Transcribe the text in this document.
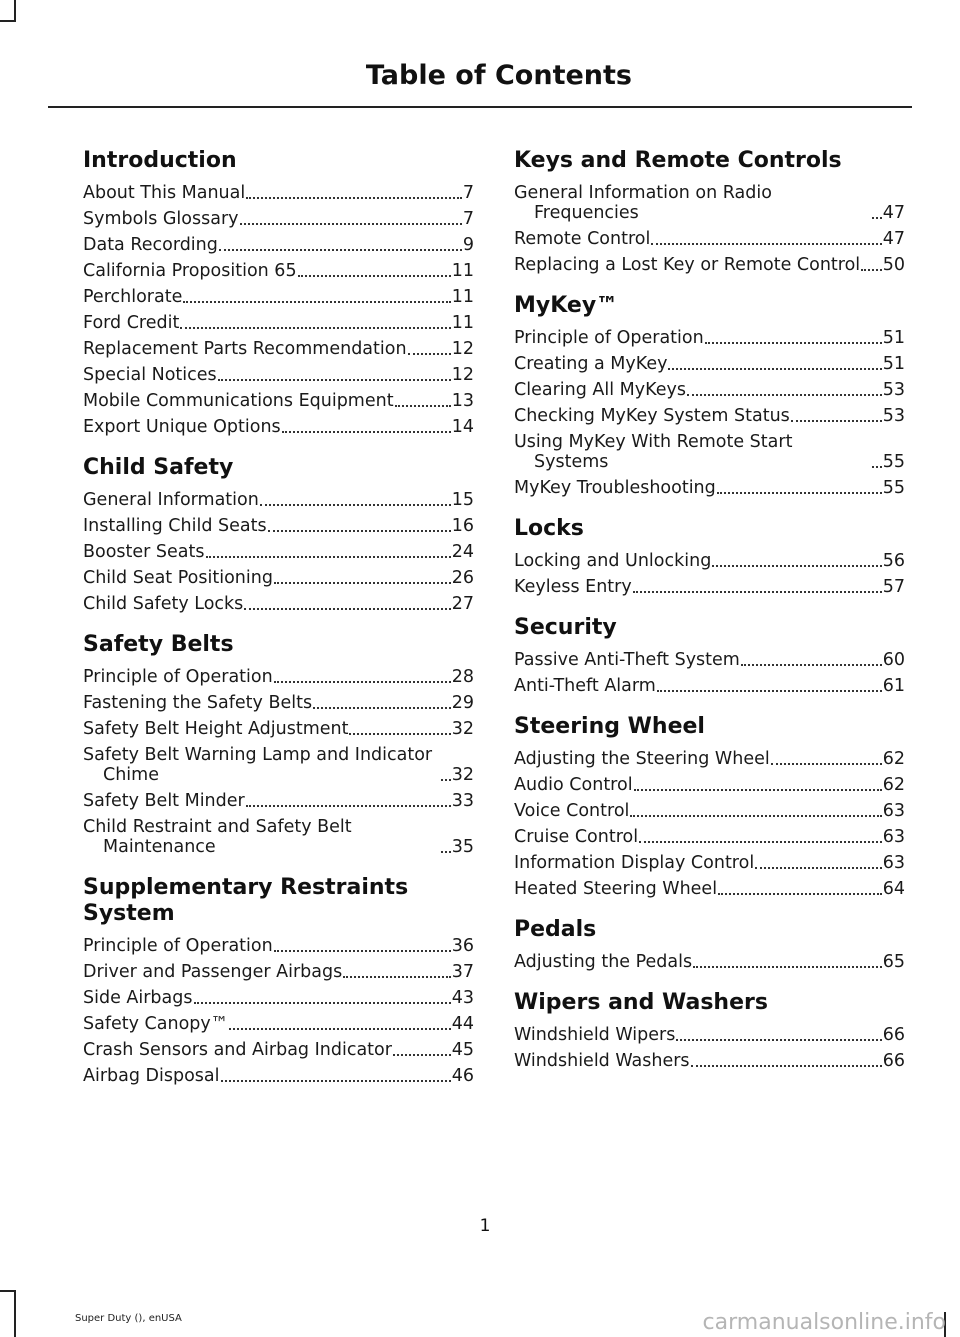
Table of Contents
Introduction
About This Manual	7
Symbols Glossary	7
Data Recording	9
California Proposition 65	11
Perchlorate	11
Ford Credit	11
Replacement Parts Recommendation	12
Special Notices	12
Mobile Communications Equipment	13
Export Unique Options	14
Child Safety
General Information	15
Installing Child Seats	16
Booster Seats	24
Child Seat Positioning	26
Child Safety Locks	27
Safety Belts
Principle of Operation	28
Fastening the Safety Belts	29
Safety Belt Height Adjustment	32
Safety Belt Warning Lamp and Indicator Chime	32
Safety Belt Minder	33
Child Restraint and Safety Belt Maintenance	35
Supplementary Restraints System
Principle of Operation	36
Driver and Passenger Airbags	37
Side Airbags	43
Safety Canopy™	44
Crash Sensors and Airbag Indicator	45
Airbag Disposal	46
Keys and Remote Controls
General Information on Radio Frequencies	47
Remote Control	47
Replacing a Lost Key or Remote Control 50
MyKey™
Principle of Operation	51
Creating a MyKey	51
Clearing All MyKeys	53
Checking MyKey System Status	53
Using MyKey With Remote Start Systems	55
MyKey Troubleshooting	55
Locks
Locking and Unlocking	56
Keyless Entry	57
Security
Passive Anti-Theft System	60
Anti-Theft Alarm	61
Steering Wheel
Adjusting the Steering Wheel	62
Audio Control	62
Voice Control	63
Cruise Control	63
Information Display Control	63
Heated Steering Wheel	64
Pedals
Adjusting the Pedals	65
Wipers and Washers
Windshield Wipers	66
Windshield Washers	66
1
Super Duty (), enUSA	carmanualsonline.info
